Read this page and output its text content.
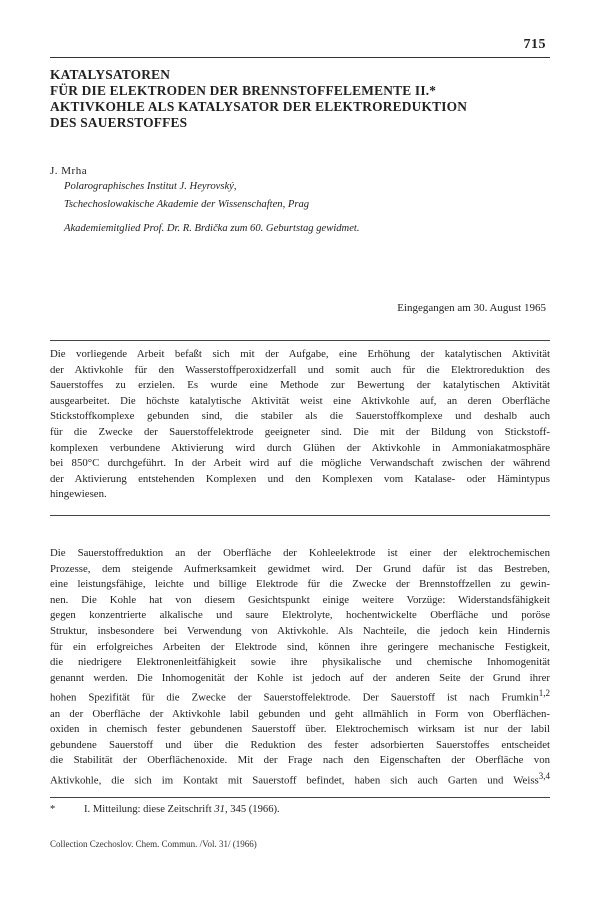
715
KATALYSATOREN
FÜR DIE ELEKTRODEN DER BRENNSTOFFELEMENTE II.*
AKTIVKOHLE ALS KATALYSATOR DER ELEKTROREDUKTION
DES SAUERSTOFFES
J. Mrha
Polarographisches Institut J. Heyrovský,
Tschechoslowakische Akademie der Wissenschaften, Prag
Akademiemitglied Prof. Dr. R. Brdička zum 60. Geburtstag gewidmet.
Eingegangen am 30. August 1965
Die vorliegende Arbeit befaßt sich mit der Aufgabe, eine Erhöhung der katalytischen Aktivität
der Aktivkohle für den Wasserstoffperoxidzerfall und somit auch für die Elektroreduktion des
Sauerstoffes zu erzielen. Es wurde eine Methode zur Bewertung der katalytischen Aktivität
ausgearbeitet. Die höchste katalytische Aktivität weist eine Aktivkohle auf, an deren Oberfläche
Stickstoffkomplexe gebunden sind, die stabiler als die Sauerstoffkomplexe und deshalb auch
für die Zwecke der Sauerstoffelektrode geeigneter sind. Die mit der Bildung von Stickstoff-
komplexen verbundene Aktivierung wird durch Glühen der Aktivkohle in Ammoniakatmosphäre
bei 850°C durchgeführt. In der Arbeit wird auf die mögliche Verwandschaft zwischen der während
der Aktivierung entstehenden Komplexen und den Komplexen vom Katalase- oder Hämintypus
hingewiesen.
Die Sauerstoffreduktion an der Oberfläche der Kohleelektrode ist einer der elektrochemischen
Prozesse, dem steigende Aufmerksamkeit gewidmet wird. Der Grund dafür ist das Bestreben,
eine leistungsfähige, leichte und billige Elektrode für die Zwecke der Brennstoffzellen zu gewin-
nen. Die Kohle hat von diesem Gesichtspunkt einige weitere Vorzüge: Widerstandsfähigkeit
gegen konzentrierte alkalische und saure Elektrolyte, hochentwickelte Oberfläche und poröse
Struktur, insbesondere bei Verwendung von Aktivkohle. Als Nachteile, die jedoch kein Hindernis
für ein erfolgreiches Arbeiten der Elektrode sind, können ihre geringere mechanische Festigkeit,
die niedrigere Elektronenleitfähigkeit sowie ihre physikalische und chemische Inhomogenität
genannt werden. Die Inhomogenität der Kohle ist jedoch auf der anderen Seite der Grund ihrer
hohen Spezifität für die Zwecke der Sauerstoffelektrode. Der Sauerstoff ist nach Frumkin$^{1,2}$
an der Oberfläche der Aktivkohle labil gebunden und geht allmählich in Form von Oberflächen-
oxiden in chemisch fester gebundenen Sauerstoff über. Elektrochemisch wirksam ist nur der labil
gebundene Sauerstoff und über die Reduktion des fester adsorbierten Sauerstoffes entscheidet
die Stabilität der Oberflächenoxide. Mit der Frage nach den Eigenschaften der Oberfläche von
Aktivkohle, die sich im Kontakt mit Sauerstoff befindet, haben sich auch Garten und Weiss$^{3,4}$
*	I. Mitteilung: diese Zeitschrift 31, 345 (1966).
Collection Czechoslov. Chem. Commun. /Vol. 31/ (1966)
